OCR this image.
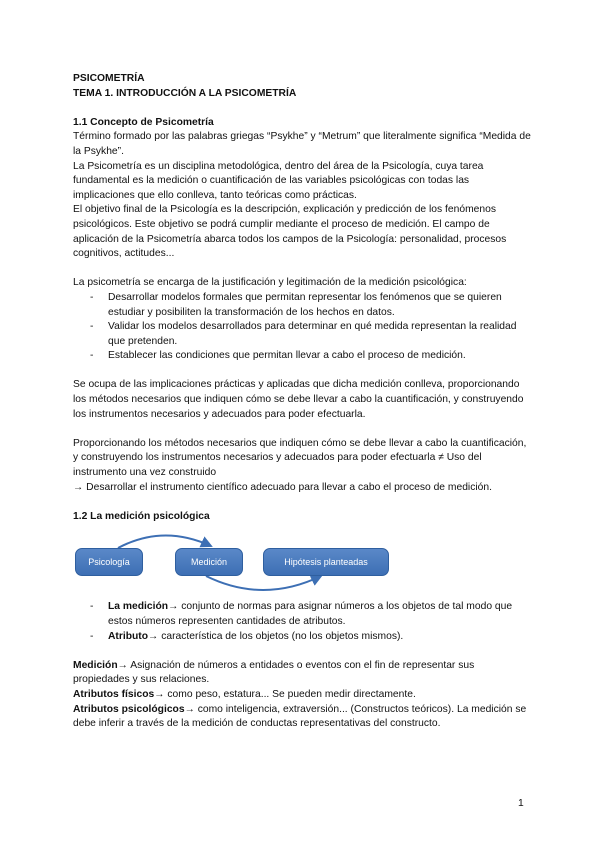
PSICOMETRÍA

TEMA 1. INTRODUCCIÓN A LA PSICOMETRÍA

1.1 Concepto de Psicometría

Término formado por las palabras griegas “Psykhe” y “Metrum” que literalmente significa “Medida de la Psykhe”.

La Psicometría es un disciplina metodológica, dentro del área de la Psicología, cuya tarea fundamental es la medición o cuantificación de las variables psicológicas con todas las implicaciones que ello conlleva, tanto teóricas como prácticas.

El objetivo final de la Psicología es la descripción, explicación y predicción de los fenómenos psicológicos. Este objetivo se podrá cumplir mediante el proceso de medición. El campo de aplicación de la Psicometría abarca todos los campos de la Psicología: personalidad, procesos cognitivos, actitudes...

La psicometría se encarga de la justificación y legitimación de la medición psicológica:

- Desarrollar modelos formales que permitan representar los fenómenos que se quieren estudiar y posibiliten la transformación de los hechos en datos.
- Validar los modelos desarrollados para determinar en qué medida representan la realidad que pretenden.
- Establecer las condiciones que permitan llevar a cabo el proceso de medición.

Se ocupa de las implicaciones prácticas y aplicadas que dicha medición conlleva, proporcionando los métodos necesarios que indiquen cómo se debe llevar a cabo la cuantificación, y construyendo los instrumentos necesarios y adecuados para poder efectuarla.

Proporcionando los métodos necesarios que indiquen cómo se debe llevar a cabo la cuantificación, y construyendo los instrumentos necesarios y adecuados para poder efectuarla ≠ Uso del instrumento una vez construido

→ Desarrollar el instrumento científico adecuado para llevar a cabo el proceso de medición.

1.2 La medición psicológica

Psicología	Medición	Hipótesis planteadas
- La medición→ conjunto de normas para asignar números a los objetos de tal modo que estos números representen cantidades de atributos.
- Atributo→ característica de los objetos (no los objetos mismos).

Medición→ Asignación de números a entidades o eventos con el fin de representar sus propiedades y sus relaciones.

Atributos físicos→ como peso, estatura... Se pueden medir directamente.

Atributos psicológicos→ como inteligencia, extraversión... (Constructos teóricos). La medición se debe inferir a través de la medición de conductas representativas del constructo.

1
